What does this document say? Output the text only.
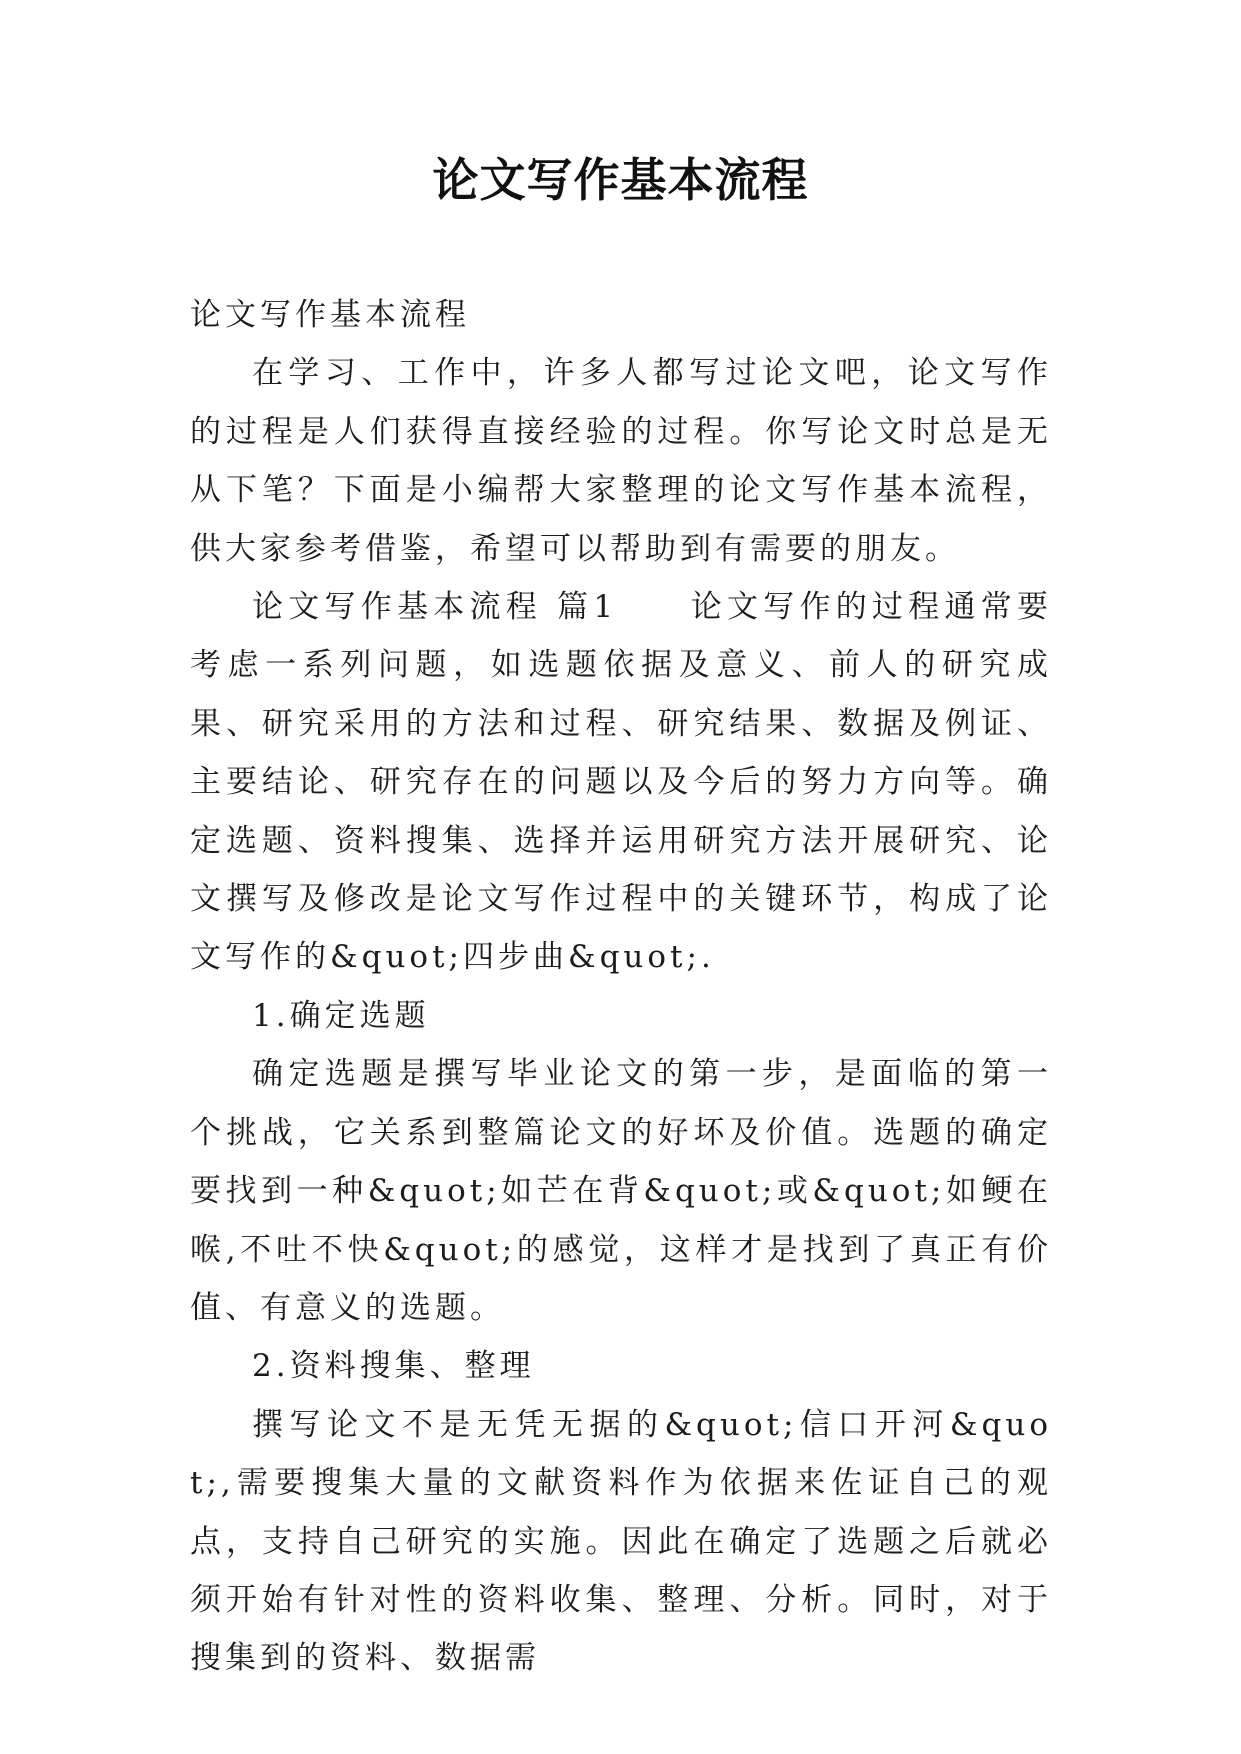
论文写作基本流程

论文写作基本流程

在学习、工作中，许多人都写过论文吧，论文写作的过程是人们获得直接经验的过程。你写论文时总是无从下笔？下面是小编帮大家整理的论文写作基本流程，供大家参考借鉴，希望可以帮助到有需要的朋友。

论文写作基本流程 篇1　　论文写作的过程通常要考虑一系列问题，如选题依据及意义、前人的研究成果、研究采用的方法和过程、研究结果、数据及例证、主要结论、研究存在的问题以及今后的努力方向等。确定选题、资料搜集、选择并运用研究方法开展研究、论文撰写及修改是论文写作过程中的关键环节，构成了论文写作的&quot;四步曲&quot;.

1.确定选题

确定选题是撰写毕业论文的第一步，是面临的第一个挑战，它关系到整篇论文的好坏及价值。选题的确定要找到一种&quot;如芒在背&quot;或&quot;如鲠在喉,不吐不快&quot;的感觉，这样才是找到了真正有价值、有意义的选题。

2.资料搜集、整理

撰写论文不是无凭无据的&quot;信口开河&quot;,需要搜集大量的文献资料作为依据来佐证自己的观点，支持自己研究的实施。因此在确定了选题之后就必须开始有针对性的资料收集、整理、分析。同时，对于搜集到的资料、数据需
